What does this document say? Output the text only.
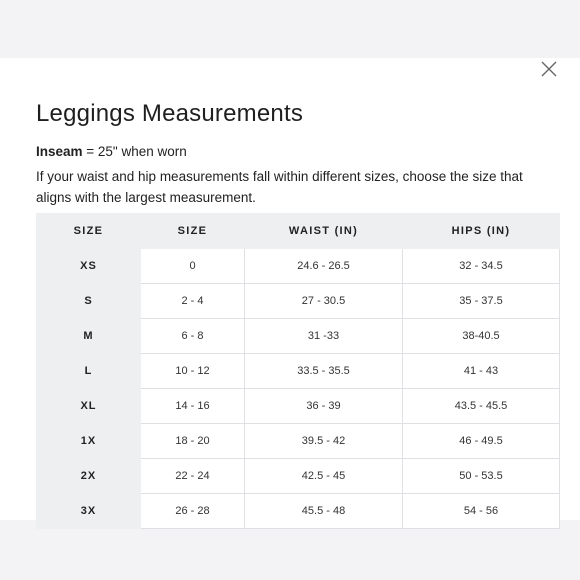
Leggings Measurements
Inseam = 25" when worn
If your waist and hip measurements fall within different sizes, choose the size that aligns with the largest measurement.
SIZE	SIZE	WAIST (IN)	HIPS (IN)
XS	0	24.6 - 26.5	32 - 34.5
S	2 - 4	27 - 30.5	35 - 37.5
M	6 - 8	31 -33	38-40.5
L	10 - 12	33.5 - 35.5	41 - 43
XL	14 - 16	36 - 39	43.5 - 45.5
1X	18 - 20	39.5 - 42	46 - 49.5
2X	22 - 24	42.5 - 45	50 - 53.5
3X	26 - 28	45.5 - 48	54 - 56
